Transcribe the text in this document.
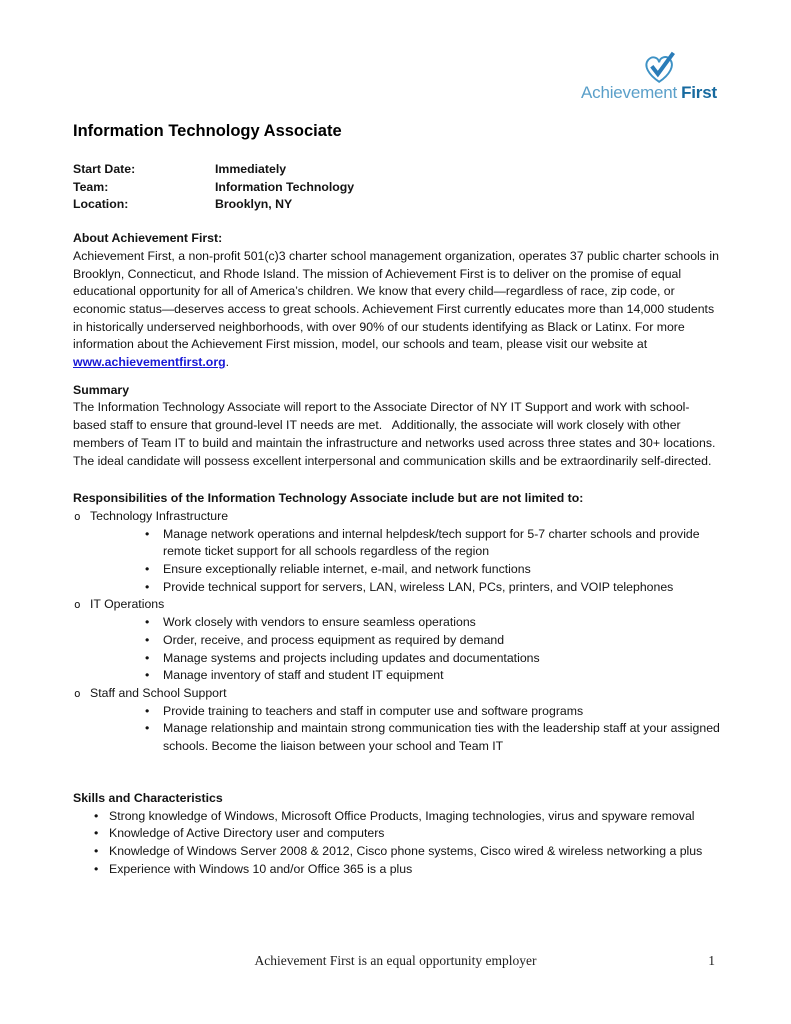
Achievement First
Information Technology Associate
Start Date:	Immediately
Team:	Information Technology
Location:	Brooklyn, NY
About Achievement First:

Achievement First, a non-profit 501(c)3 charter school management organization, operates 37 public charter schools in Brooklyn, Connecticut, and Rhode Island. The mission of Achievement First is to deliver on the promise of equal educational opportunity for all of America’s children. We know that every child—regardless of race, zip code, or economic status—deserves access to great schools. Achievement First currently educates more than 14,000 students in historically underserved neighborhoods, with over 90% of our students identifying as Black or Latinx. For more information about the Achievement First mission, model, our schools and team, please visit our website at www.achievementfirst.org.

Summary

The Information Technology Associate will report to the Associate Director of NY IT Support and work with school-based staff to ensure that ground-level IT needs are met.   Additionally, the associate will work closely with other members of Team IT to build and maintain the infrastructure and networks used across three states and 30+ locations.  The ideal candidate will possess excellent interpersonal and communication skills and be extraordinarily self-directed.

Responsibilities of the Information Technology Associate include but are not limited to:
o Technology Infrastructure
• Manage network operations and internal helpdesk/tech support for 5-7 charter schools and provide remote ticket support for all schools regardless of the region
• Ensure exceptionally reliable internet, e-mail, and network functions
• Provide technical support for servers, LAN, wireless LAN, PCs, printers, and VOIP telephones
o IT Operations
• Work closely with vendors to ensure seamless operations
• Order, receive, and process equipment as required by demand
• Manage systems and projects including updates and documentations
• Manage inventory of staff and student IT equipment
o Staff and School Support
• Provide training to teachers and staff in computer use and software programs
• Manage relationship and maintain strong communication ties with the leadership staff at your assigned schools. Become the liaison between your school and Team IT
Skills and Characteristics
• Strong knowledge of Windows, Microsoft Office Products, Imaging technologies, virus and spyware removal
• Knowledge of Active Directory user and computers
• Knowledge of Windows Server 2008 & 2012, Cisco phone systems, Cisco wired & wireless networking a plus
• Experience with Windows 10 and/or Office 365 is a plus
Achievement First is an equal opportunity employer	1
